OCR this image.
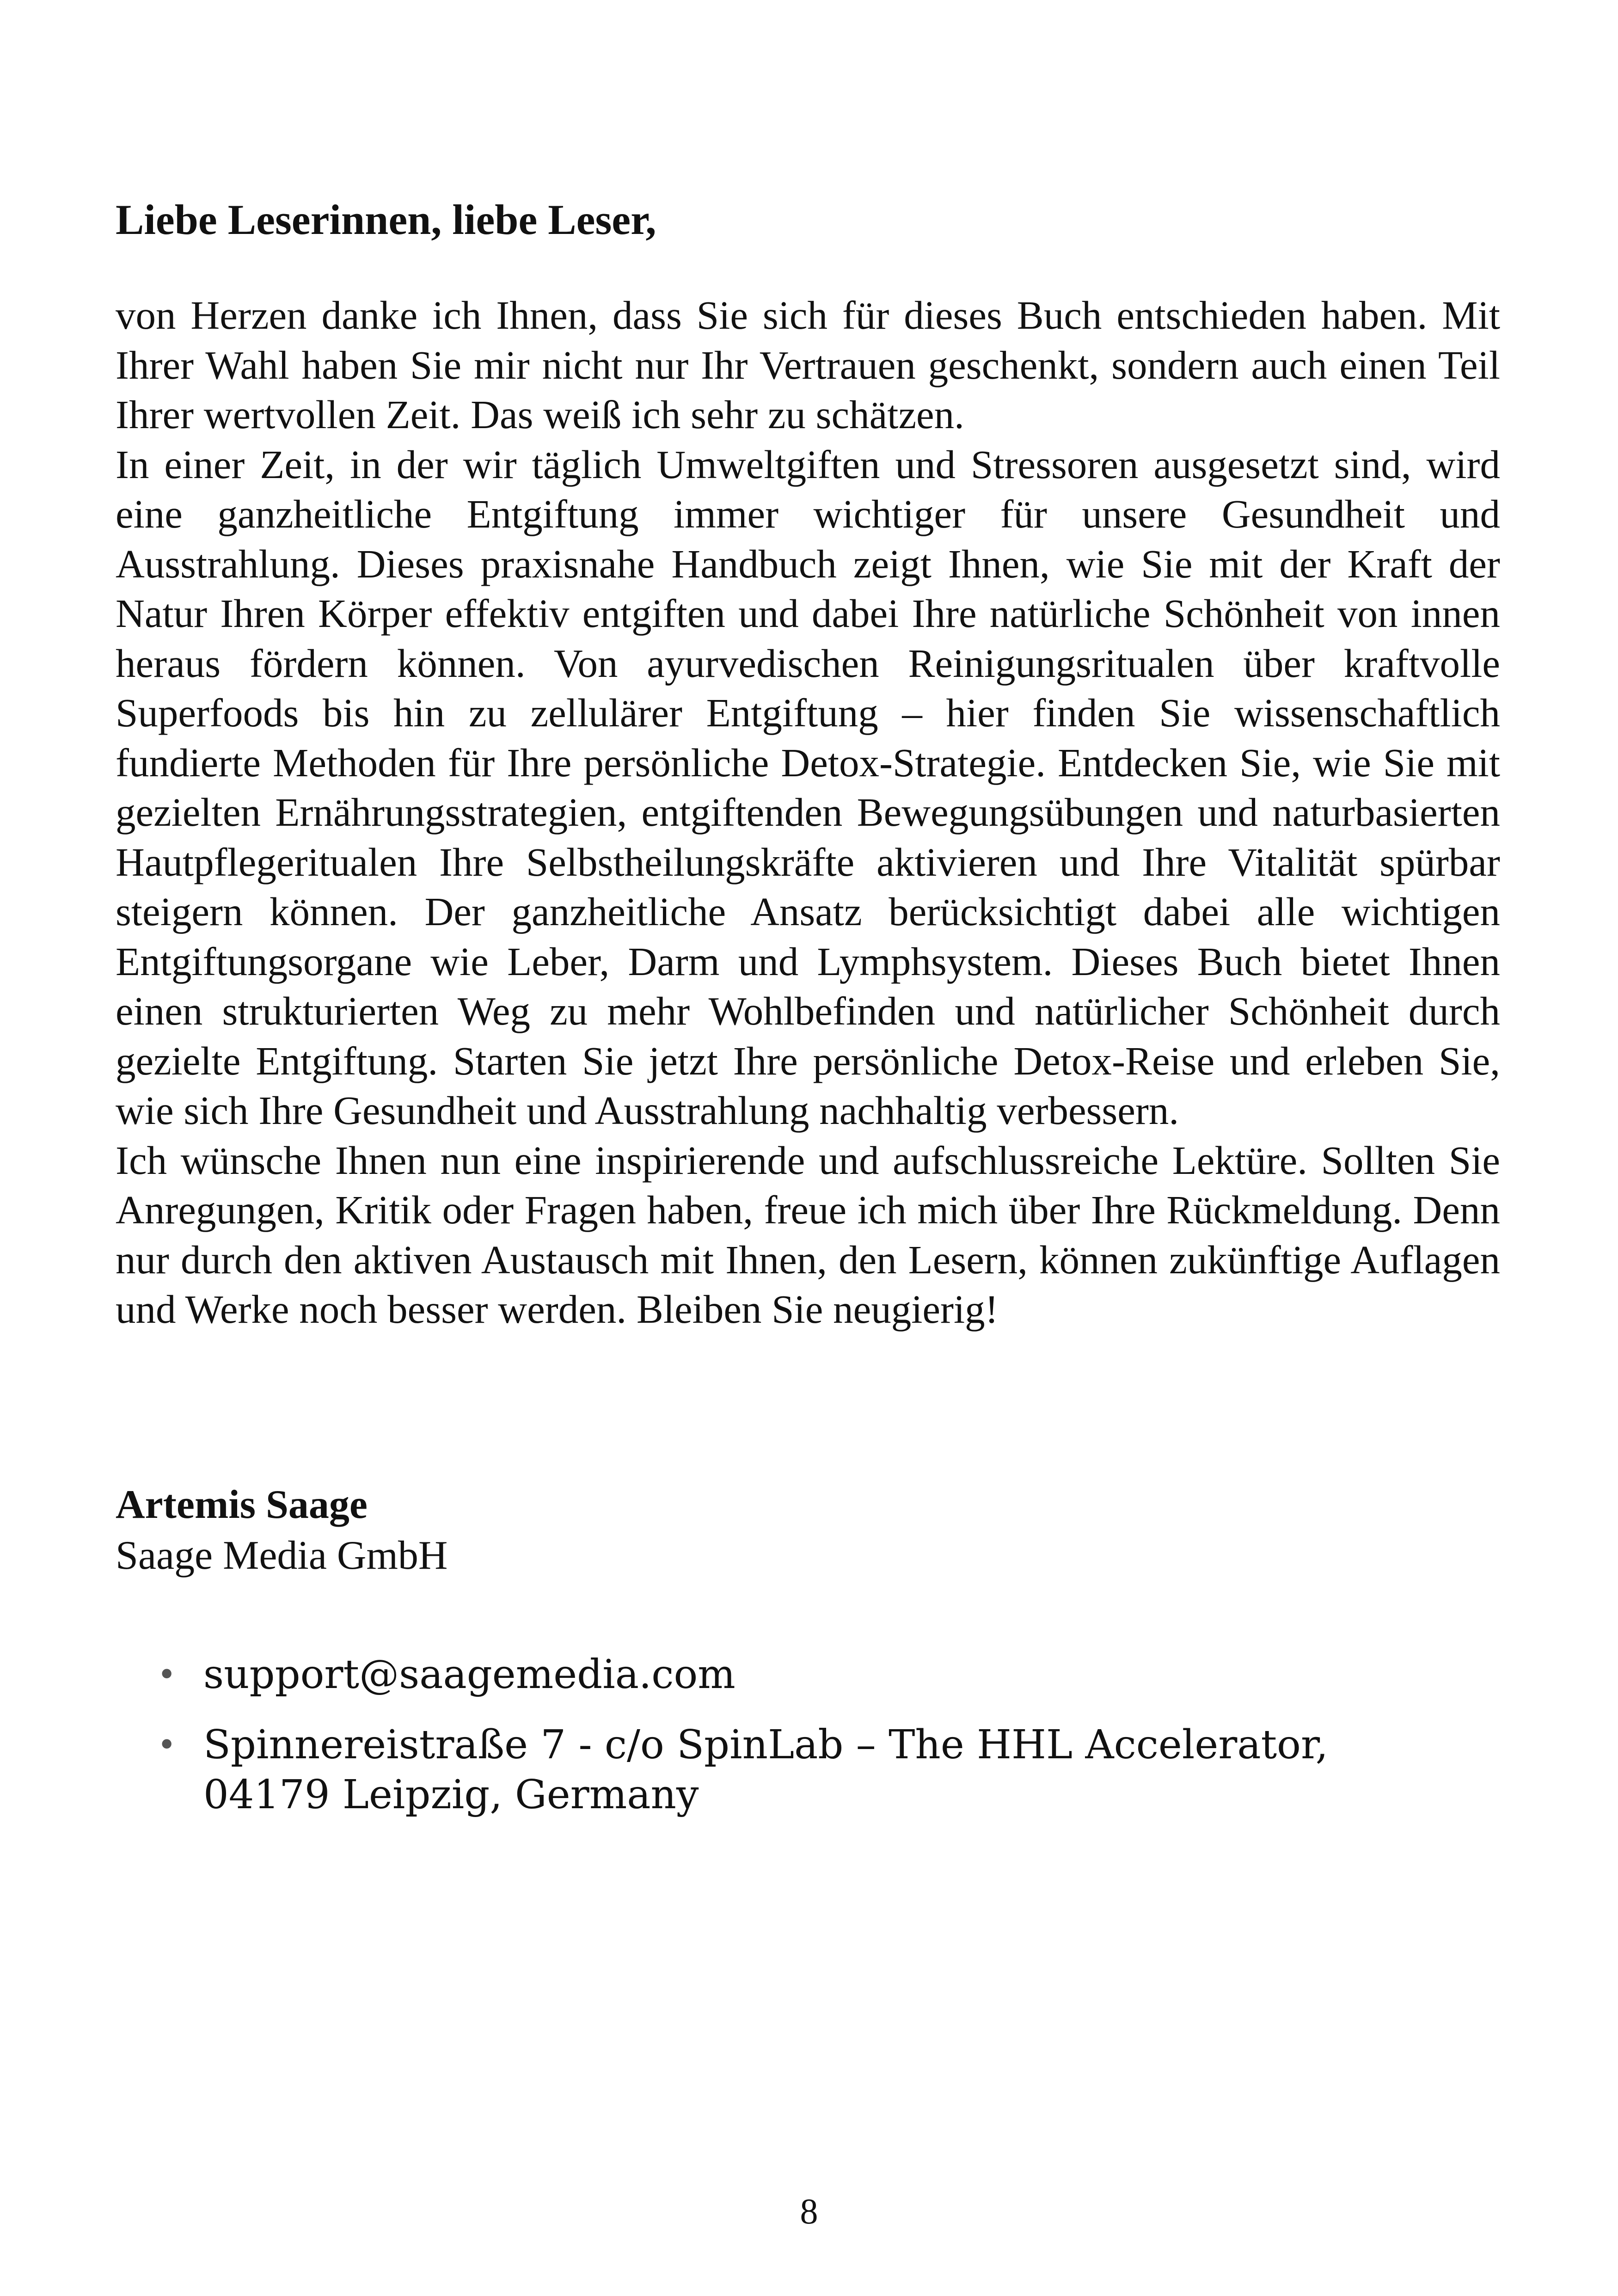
Liebe Leserinnen, liebe Leser,

von Herzen danke ich Ihnen, dass Sie sich für dieses Buch entschieden haben. Mit Ihrer Wahl haben Sie mir nicht nur Ihr Vertrauen geschenkt, sondern auch einen Teil Ihrer wertvollen Zeit. Das weiß ich sehr zu schätzen.

In einer Zeit, in der wir täglich Umweltgiften und Stressoren ausgesetzt sind, wird eine ganzheitliche Entgiftung immer wichtiger für unsere Gesundheit und Ausstrahlung. Dieses praxisnahe Handbuch zeigt Ihnen, wie Sie mit der Kraft der Natur Ihren Körper effektiv entgiften und dabei Ihre natürliche Schönheit von innen heraus fördern können. Von ayurvedischen Reinigungsritualen über kraftvolle Superfoods bis hin zu zellulärer Entgiftung – hier finden Sie wissenschaftlich fundierte Methoden für Ihre persönliche Detox-Strategie. Entdecken Sie, wie Sie mit gezielten Ernährungsstrategien, entgiftenden Bewegungsübungen und naturbasierten Hautpflegeritualen Ihre Selbstheilungskräfte aktivieren und Ihre Vitalität spürbar steigern können. Der ganzheitliche Ansatz berücksichtigt dabei alle wichtigen Entgiftungsorgane wie Leber, Darm und Lymphsystem. Dieses Buch bietet Ihnen einen strukturierten Weg zu mehr Wohlbefinden und natürlicher Schönheit durch gezielte Entgiftung. Starten Sie jetzt Ihre persönliche Detox-Reise und erleben Sie, wie sich Ihre Gesundheit und Ausstrahlung nachhaltig verbessern.

Ich wünsche Ihnen nun eine inspirierende und aufschlussreiche Lektüre. Sollten Sie Anregungen, Kritik oder Fragen haben, freue ich mich über Ihre Rückmeldung. Denn nur durch den aktiven Austausch mit Ihnen, den Lesern, können zukünftige Auflagen und Werke noch besser werden. Bleiben Sie neugierig!

Artemis Saage
Saage Media GmbH
• support@saagemedia.com
• Spinnereistraße 7 - c/o SpinLab – The HHL Accelerator, 04179 Leipzig, Germany
8
